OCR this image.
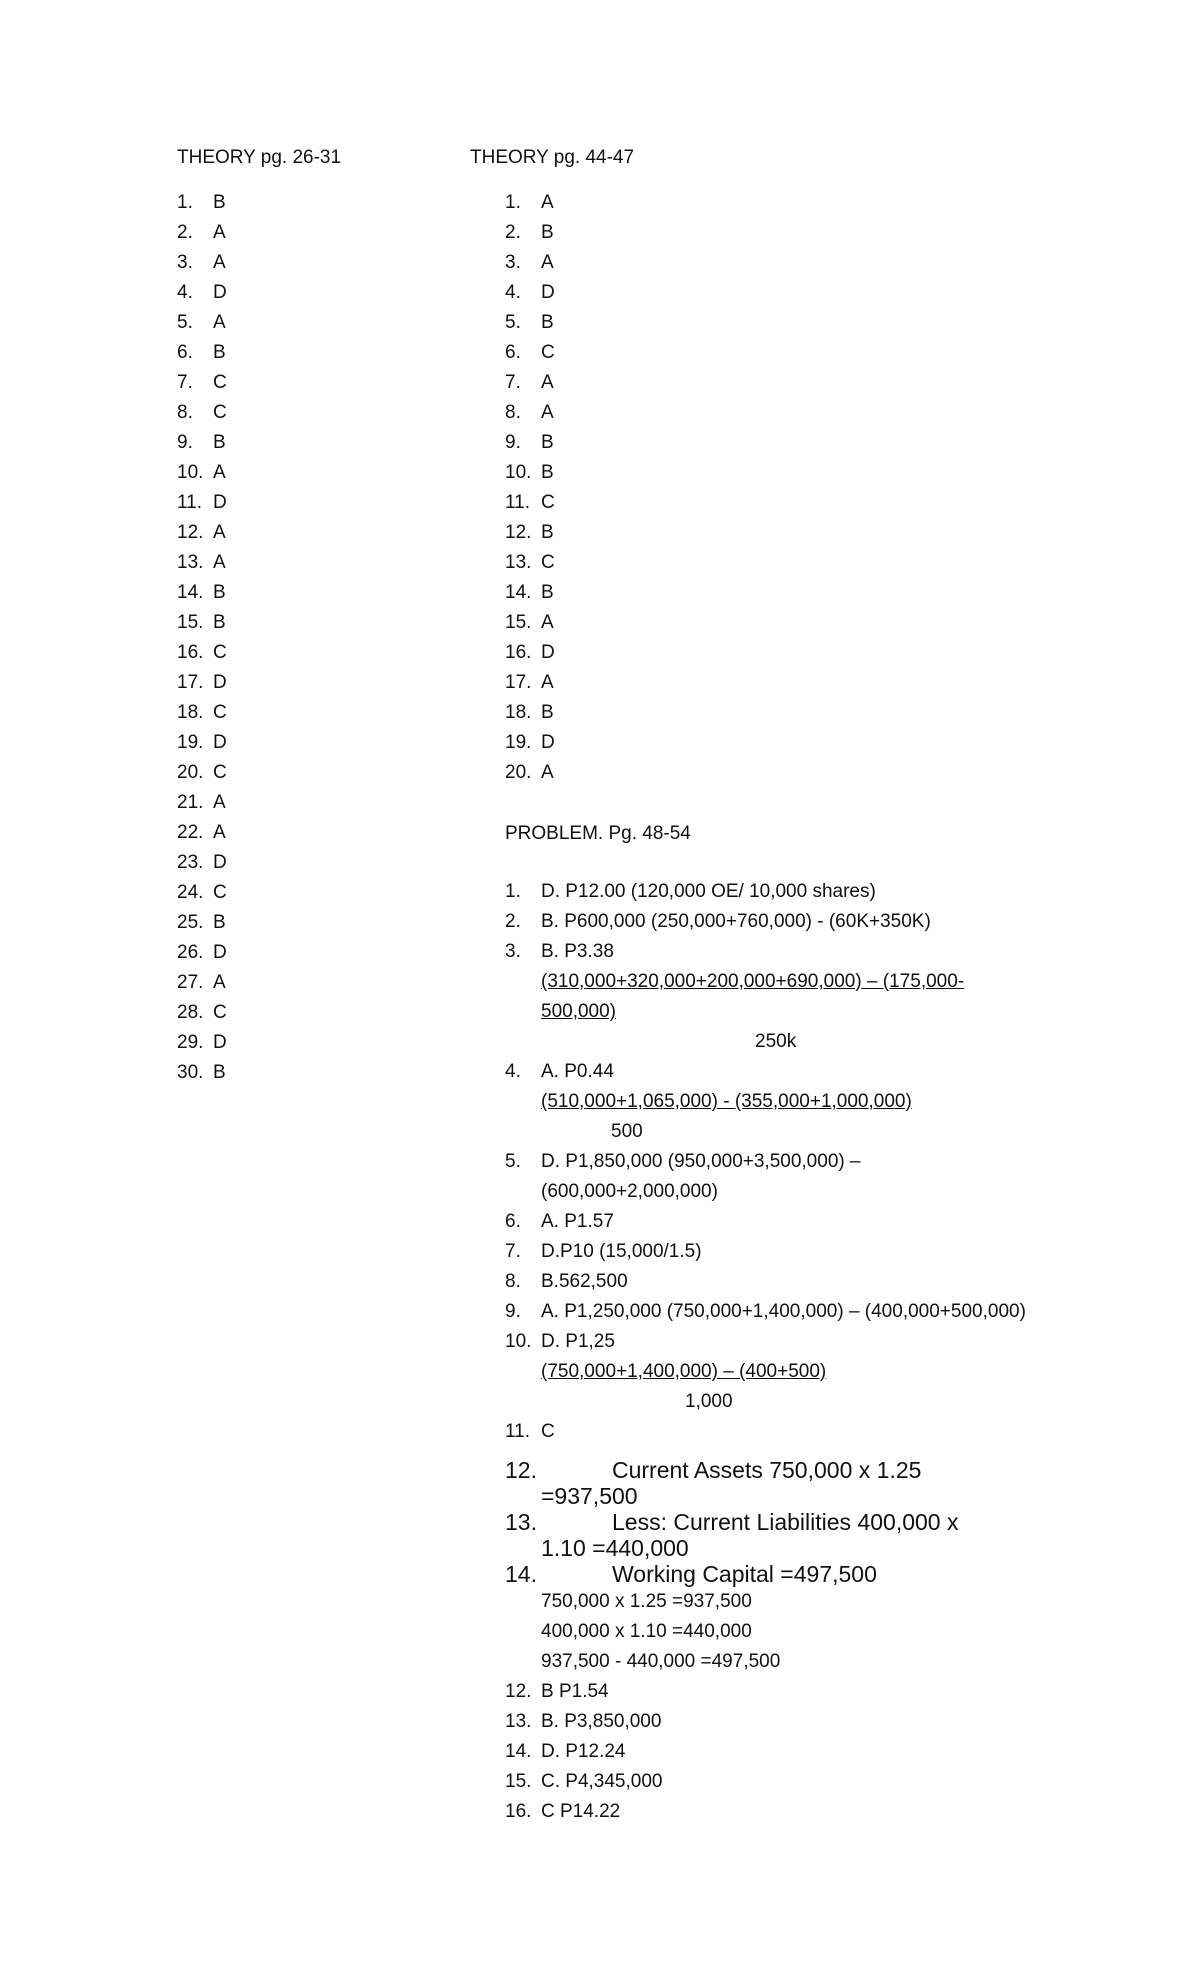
THEORY pg. 26-31	THEORY pg. 44-47
1. B
2. A
3. A
4. D
5. A
6. B
7. C
8. C
9. B
10. A
11. D
12. A
13. A
14. B
15. B
16. C
17. D
18. C
19. D
20. C
21. A
22. A
23. D
24. C
25. B
26. D
27. A
28. C
29. D
30. B
1. A
2. B
3. A
4. D
5. B
6. C
7. A
8. A
9. B
10. B
11. C
12. B
13. C
14. B
15. A
16. D
17. A
18. B
19. D
20. A
PROBLEM. Pg. 48-54
1. D. P12.00 (120,000 OE/ 10,000 shares)
2. B. P600,000 (250,000+760,000) - (60K+350K)
3. B. P3.38
(310,000+320,000+200,000+690,000) – (175,000-
500,000)
250k
4. A. P0.44
(510,000+1,065,000) - (355,000+1,000,000)
500
5. D. P1,850,000 (950,000+3,500,000) –
(600,000+2,000,000)
6. A. P1.57
7. D.P10 (15,000/1.5)
8. B.562,500
9. A. P1,250,000 (750,000+1,400,000) – (400,000+500,000)
10. D. P1,25
(750,000+1,400,000) – (400+500)
1,000
11. C
12.	Current Assets 750,000 x 1.25
=937,500
13.	Less: Current Liabilities 400,000 x
1.10 =440,000
14.	Working Capital =497,500
750,000 x 1.25 =937,500
400,000 x 1.10 =440,000
937,500 - 440,000 =497,500
12. B P1.54
13. B. P3,850,000
14. D. P12.24
15. C. P4,345,000
16. C P14.22
